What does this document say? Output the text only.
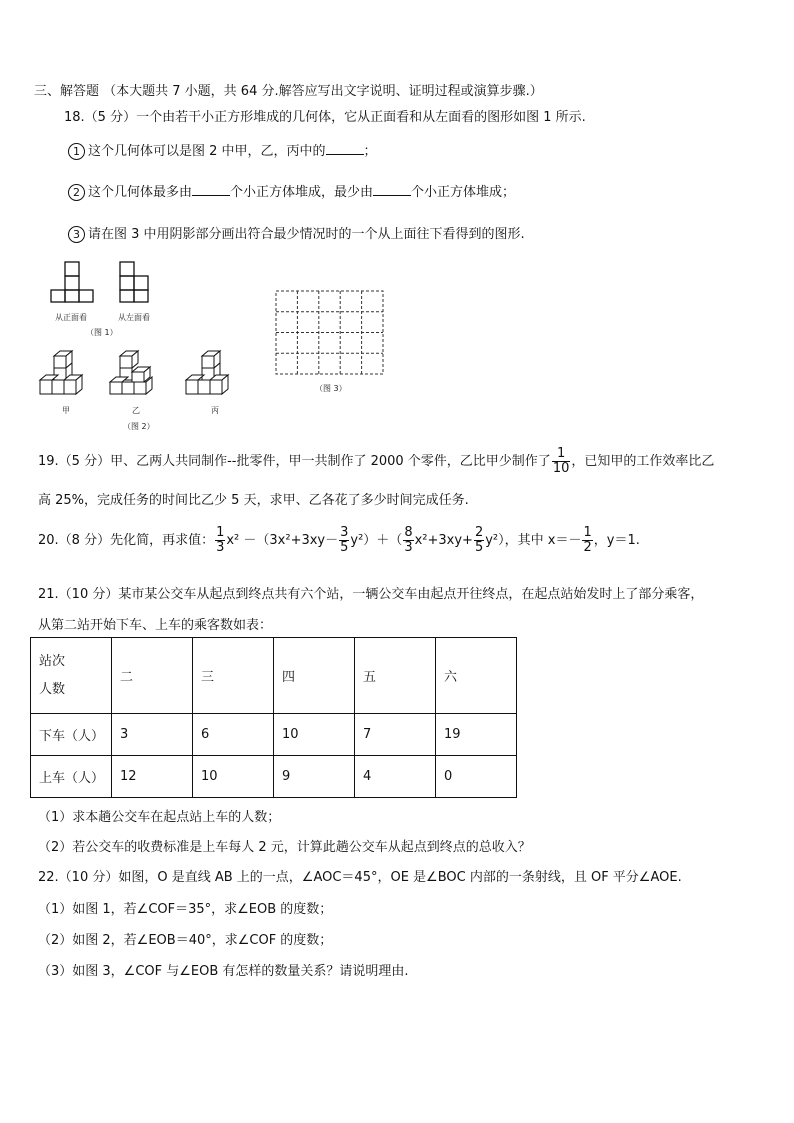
三、解答题 （本大题共 7 小题，共 64 分.解答应写出文字说明、证明过程或演算步骤.）
18.（5 分）一个由若干小正方形堆成的几何体，它从正面看和从左面看的图形如图 1 所示.
1 这个几何体可以是图 2 中甲，乙，丙中的	；
2 这个几何体最多由	个小正方体堆成，最少由	个小正方体堆成；
3 请在图 3 中用阴影部分画出符合最少情况时的一个从上面往下看得到的图形.
从正面看	从左面看
（图 1）
甲	乙	丙
（图 2）
（图 3）
19.（5 分）甲、乙两人共同制作--批零件，甲一共制作了 2000 个零件，乙比甲少制作了 $\frac{1}{10}$ ，已知甲的工作效率比乙
高 25%，完成任务的时间比乙少 5 天，求甲、乙各花了多少时间完成任务.
20.（8 分）先化简，再求值： $\frac{1}{3} x^2 -(3x^2+3xy- \frac{3}{5} y^2)+( \frac{8}{3} x^2+3xy+ \frac{2}{5} y^2)$，其中 $x=- \frac{1}{2}$ ，y＝1.
21.（10 分）某市某公交车从起点到终点共有六个站，一辆公交车由起点开往终点，在起点站始发时上了部分乘客，
从第二站开始下车、上车的乘客数如表：
站次
人数	二	三	四	五	六
下车（人）	3	6	10	7	19
上车（人）	12	10	9	4	0
（1）求本趟公交车在起点站上车的人数；
（2）若公交车的收费标准是上车每人 2 元，计算此趟公交车从起点到终点的总收入？
22.（10 分）如图，O 是直线 AB 上的一点，∠AOC＝45°，OE 是∠BOC 内部的一条射线，且 OF 平分∠AOE.
（1）如图 1，若∠COF＝35°，求∠EOB 的度数；
（2）如图 2，若∠EOB＝40°，求∠COF 的度数；
（3）如图 3，∠COF 与∠EOB 有怎样的数量关系？请说明理由.
